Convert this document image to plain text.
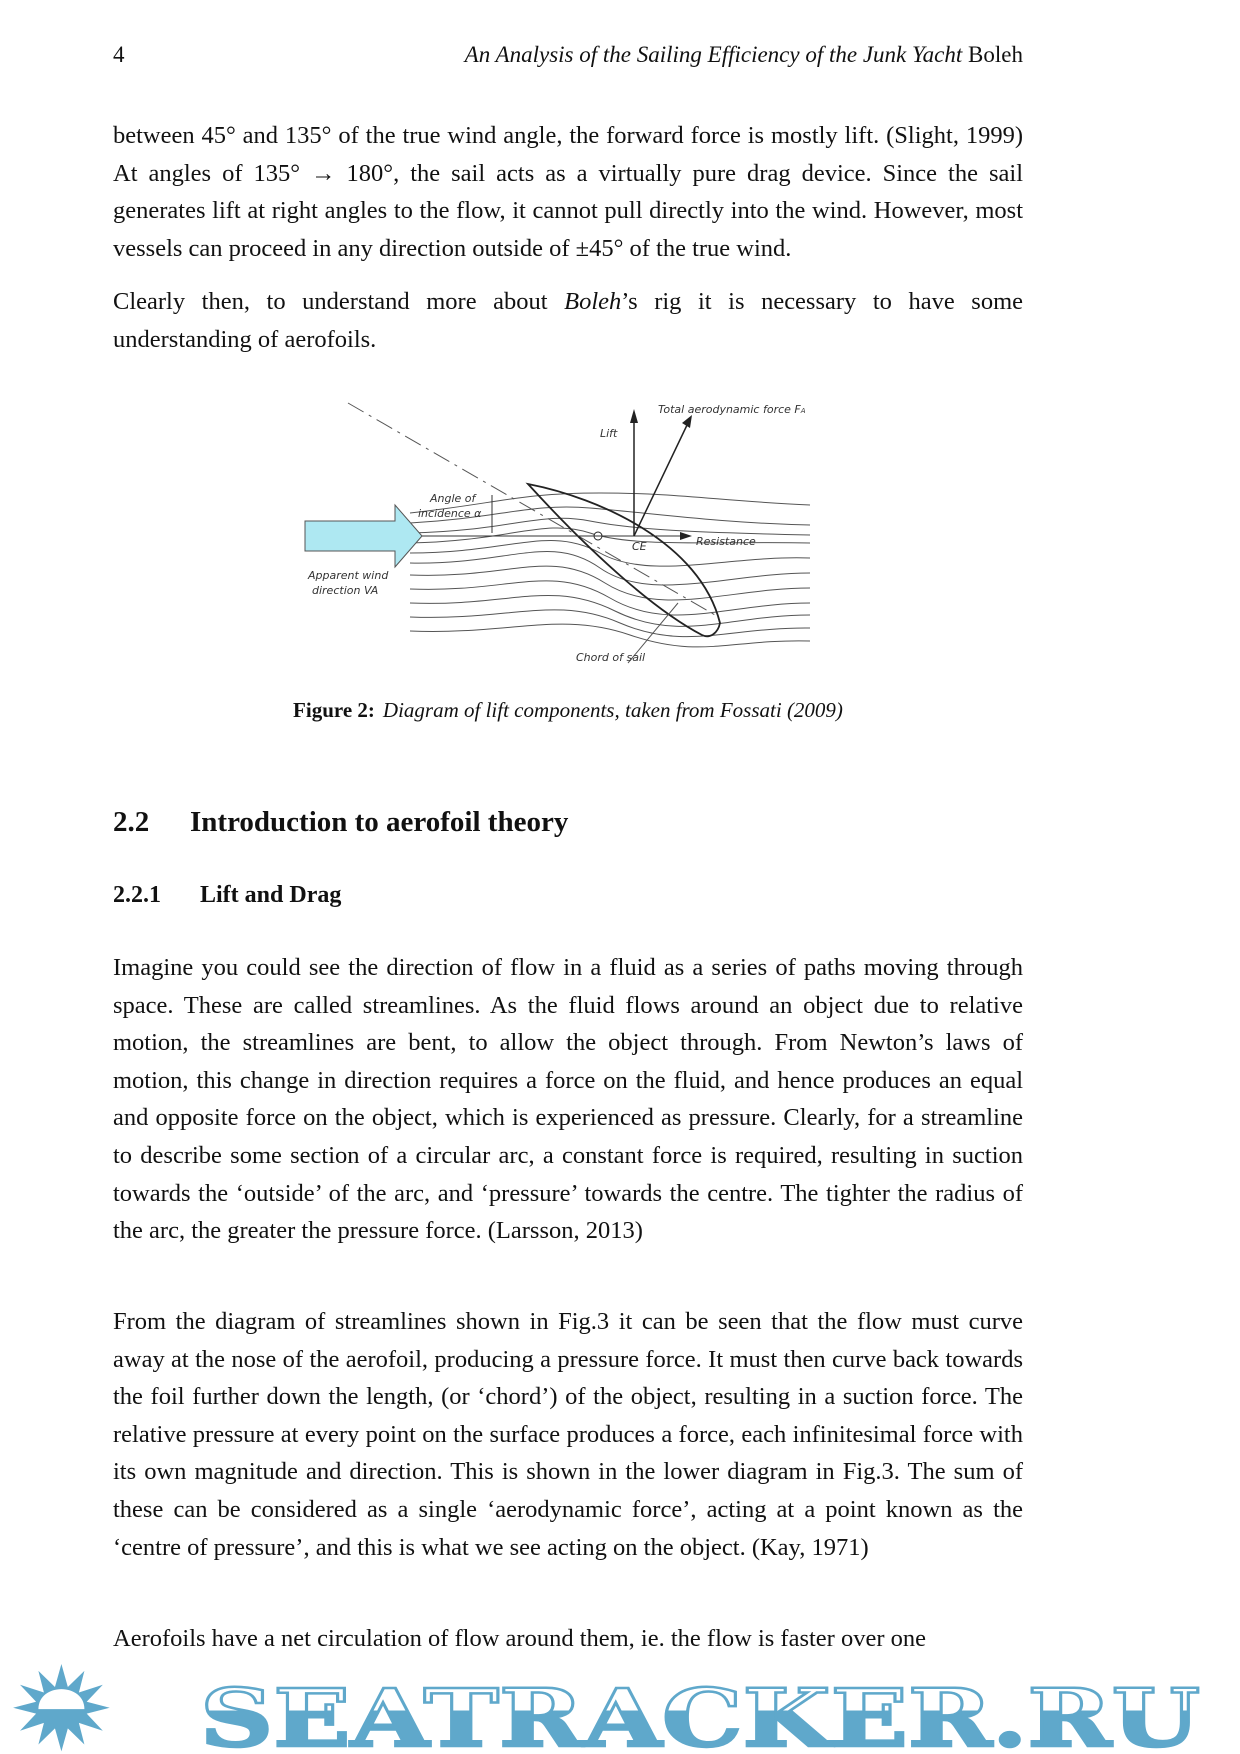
4	An Analysis of the Sailing Efficiency of the Junk Yacht Boleh

between 45° and 135° of the true wind angle, the forward force is mostly lift. (Slight, 1999) At angles of 135° → 180°, the sail acts as a virtually pure drag device. Since the sail generates lift at right angles to the flow, it cannot pull directly into the wind. However, most vessels can proceed in any direction outside of ±45° of the true wind.

Clearly then, to understand more about Boleh’s rig it is necessary to have some understanding of aerofoils.

Total aerodynamic force FA
Lift
Angle of
incidence α
Apparent wind
direction VA
CE	Resistance
Chord of sail
Figure 2: Diagram of lift components, taken from Fossati (2009)
2.2 Introduction to aerofoil theory
2.2.1 Lift and Drag

Imagine you could see the direction of flow in a fluid as a series of paths moving through space. These are called streamlines. As the fluid flows around an object due to relative motion, the streamlines are bent, to allow the object through. From Newton’s laws of motion, this change in direction requires a force on the fluid, and hence produces an equal and opposite force on the object, which is experienced as pressure. Clearly, for a streamline to describe some section of a circular arc, a constant force is required, resulting in suction towards the ‘outside’ of the arc, and ‘pressure’ towards the centre. The tighter the radius of the arc, the greater the pressure force. (Larsson, 2013)

From the diagram of streamlines shown in Fig.3 it can be seen that the flow must curve away at the nose of the aerofoil, producing a pressure force. It must then curve back towards the foil further down the length, (or ‘chord’) of the object, resulting in a suction force. The relative pressure at every point on the surface produces a force, each infinitesimal force with its own magnitude and direction. This is shown in the lower diagram in Fig.3. The sum of these can be considered as a single ‘aerodynamic force’, acting at a point known as the ‘centre of pressure’, and this is what we see acting on the object. (Kay, 1971)

SEATRACKER.RU

Aerofoils have a net circulation of flow around them, ie. the flow is faster over one
